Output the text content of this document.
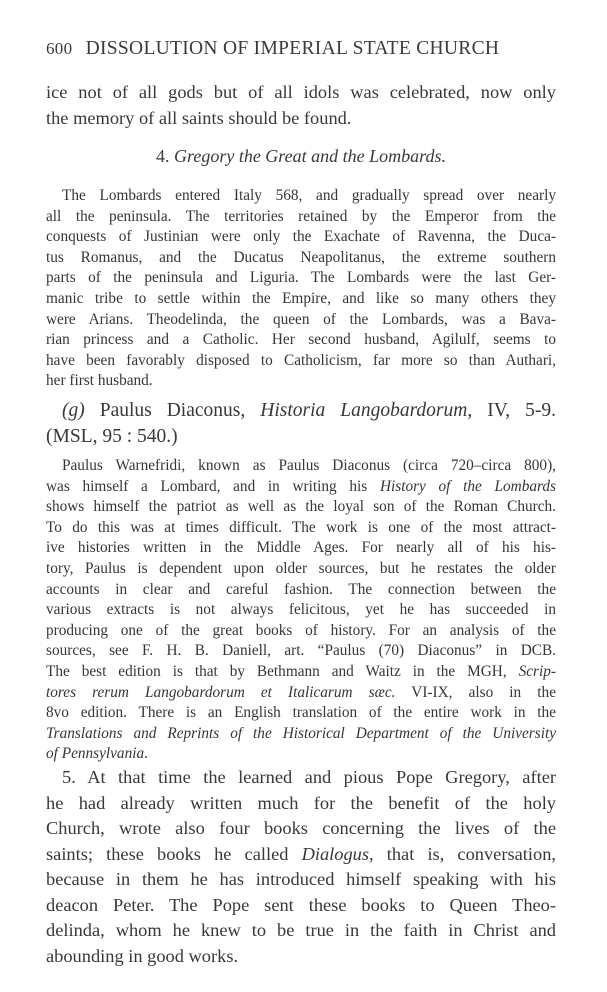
600 DISSOLUTION OF IMPERIAL STATE CHURCH
ice not of all gods but of all idols was celebrated, now only
the memory of all saints should be found.
4. Gregory the Great and the Lombards.
The Lombards entered Italy 568, and gradually spread over nearly
all the peninsula. The territories retained by the Emperor from the
conquests of Justinian were only the Exachate of Ravenna, the Duca-
tus Romanus, and the Ducatus Neapolitanus, the extreme southern
parts of the peninsula and Liguria. The Lombards were the last Ger-
manic tribe to settle within the Empire, and like so many others they
were Arians. Theodelinda, the queen of the Lombards, was a Bava-
rian princess and a Catholic. Her second husband, Agilulf, seems to
have been favorably disposed to Catholicism, far more so than Authari,
her first husband.
(g) Paulus Diaconus, Historia Langobardorum, IV, 5-9.
(MSL, 95 : 540.)
Paulus Warnefridi, known as Paulus Diaconus (circa 720–circa 800),
was himself a Lombard, and in writing his History of the Lombards
shows himself the patriot as well as the loyal son of the Roman Church.
To do this was at times difficult. The work is one of the most attract-
ive histories written in the Middle Ages. For nearly all of his his-
tory, Paulus is dependent upon older sources, but he restates the older
accounts in clear and careful fashion. The connection between the
various extracts is not always felicitous, yet he has succeeded in
producing one of the great books of history. For an analysis of the
sources, see F. H. B. Daniell, art. “Paulus (70) Diaconus” in DCB.
The best edition is that by Bethmann and Waitz in the MGH, Scrip-
tores rerum Langobardorum et Italicarum sæc. VI-IX, also in the
8vo edition. There is an English translation of the entire work in the
Translations and Reprints of the Historical Department of the University
of Pennsylvania.
5. At that time the learned and pious Pope Gregory, after
he had already written much for the benefit of the holy
Church, wrote also four books concerning the lives of the
saints; these books he called Dialogus, that is, conversation,
because in them he has introduced himself speaking with his
deacon Peter. The Pope sent these books to Queen Theo-
delinda, whom he knew to be true in the faith in Christ and
abounding in good works.
